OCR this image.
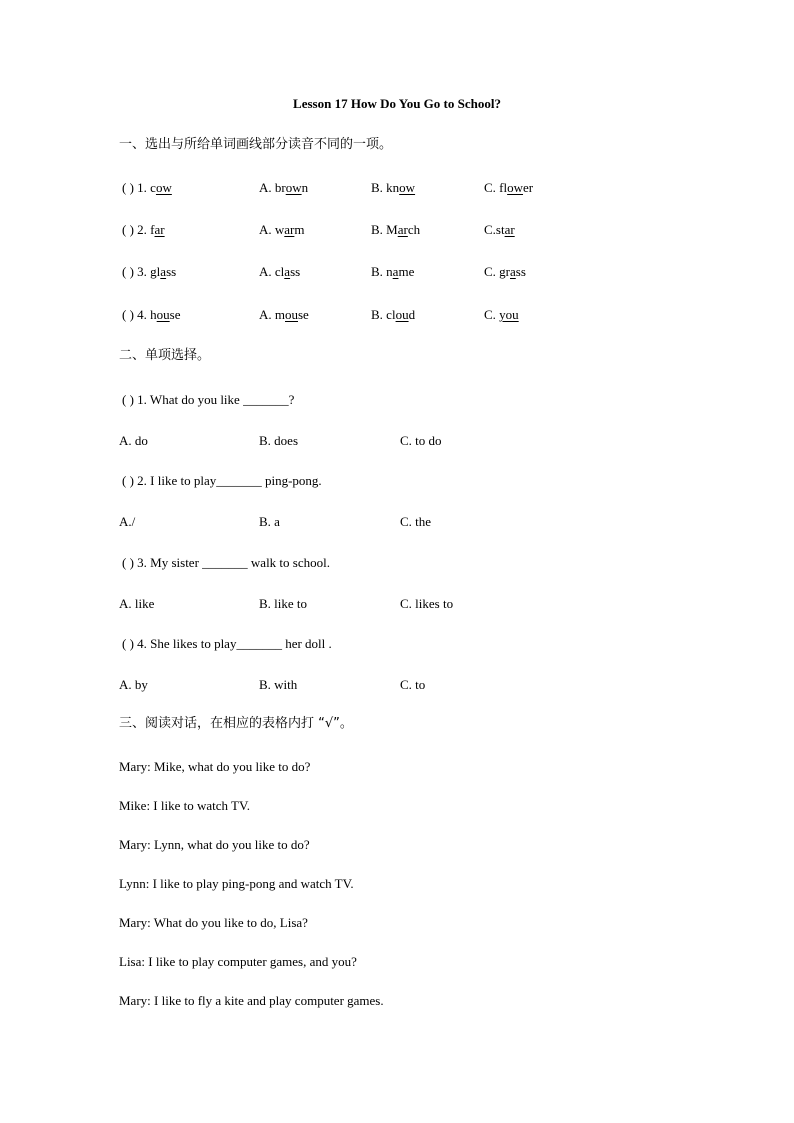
Lesson 17 How Do You Go to School?
一、选出与所给单词画线部分读音不同的一项。
( ) 1. cow	A. brown	B. know	C. flower
( ) 2. far	A. warm	B. March	C.star
( ) 3. glass	A. class	B. name	C. grass
( ) 4. house	A. mouse	B. cloud	C. you
二、单项选择。
( ) 1. What do you like _______?
A. do	B. does	C. to do
( ) 2. I like to play_______ ping-pong.
A./	B. a	C. the
( ) 3. My sister _______ walk to school.
A. like	B. like to	C. likes to
( ) 4. She likes to play_______ her doll .
A. by	B. with	C. to
三、阅读对话，在相应的表格内打 “√”。
Mary: Mike, what do you like to do?
Mike: I like to watch TV.
Mary: Lynn, what do you like to do?
Lynn: I like to play ping-pong and watch TV.
Mary: What do you like to do, Lisa?
Lisa: I like to play computer games, and you?
Mary: I like to fly a kite and play computer games.
